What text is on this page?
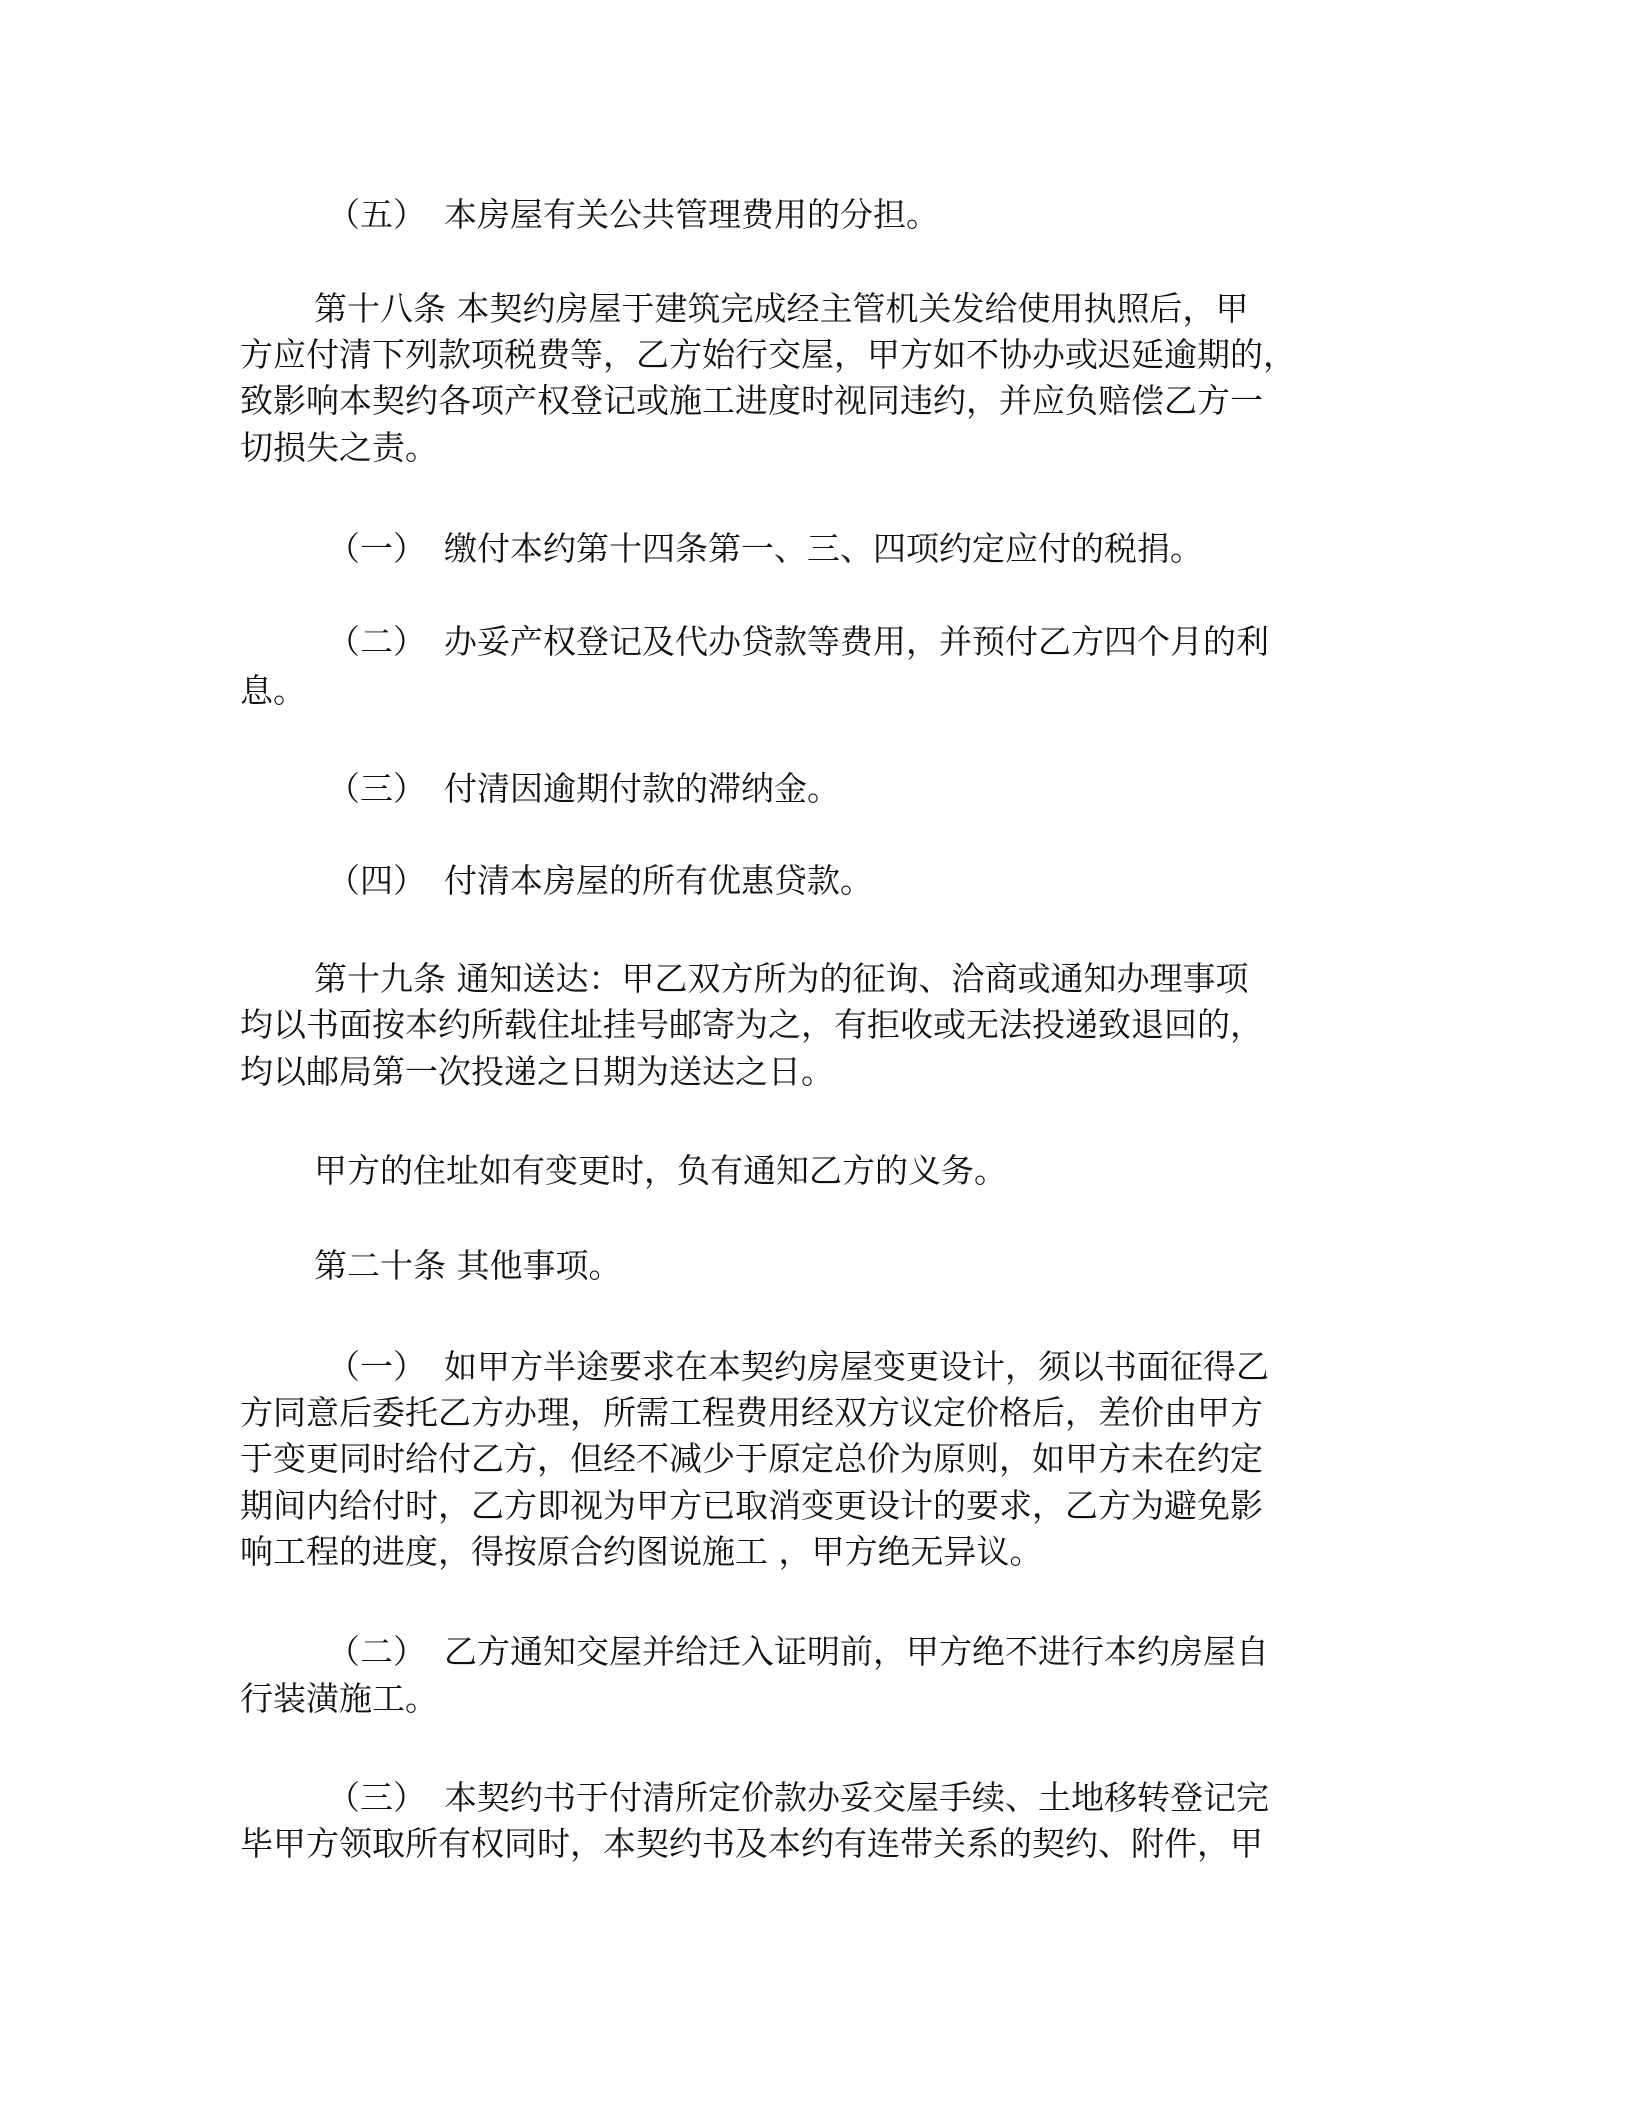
（五） 本房屋有关公共管理费用的分担。
第十八条 本契约房屋于建筑完成经主管机关发给使用执照后，甲
方应付清下列款项税费等，乙方始行交屋，甲方如不协办或迟延逾期的，
致影响本契约各项产权登记或施工进度时视同违约，并应负赔偿乙方一
切损失之责。
（一） 缴付本约第十四条第一、三、四项约定应付的税捐。
（二） 办妥产权登记及代办贷款等费用，并预付乙方四个月的利
息。
（三） 付清因逾期付款的滞纳金。
（四） 付清本房屋的所有优惠贷款。
第十九条 通知送达：甲乙双方所为的征询、洽商或通知办理事项
均以书面按本约所载住址挂号邮寄为之，有拒收或无法投递致退回的，
均以邮局第一次投递之日期为送达之日。
甲方的住址如有变更时，负有通知乙方的义务。
第二十条 其他事项。
（一） 如甲方半途要求在本契约房屋变更设计，须以书面征得乙
方同意后委托乙方办理，所需工程费用经双方议定价格后，差价由甲方
于变更同时给付乙方，但经不减少于原定总价为原则，如甲方未在约定
期间内给付时，乙方即视为甲方已取消变更设计的要求，乙方为避免影
响工程的进度，得按原合约图说施工 ，甲方绝无异议。
（二） 乙方通知交屋并给迁入证明前，甲方绝不进行本约房屋自
行装潢施工。
（三） 本契约书于付清所定价款办妥交屋手续、土地移转登记完
毕甲方领取所有权同时，本契约书及本约有连带关系的契约、附件，甲
